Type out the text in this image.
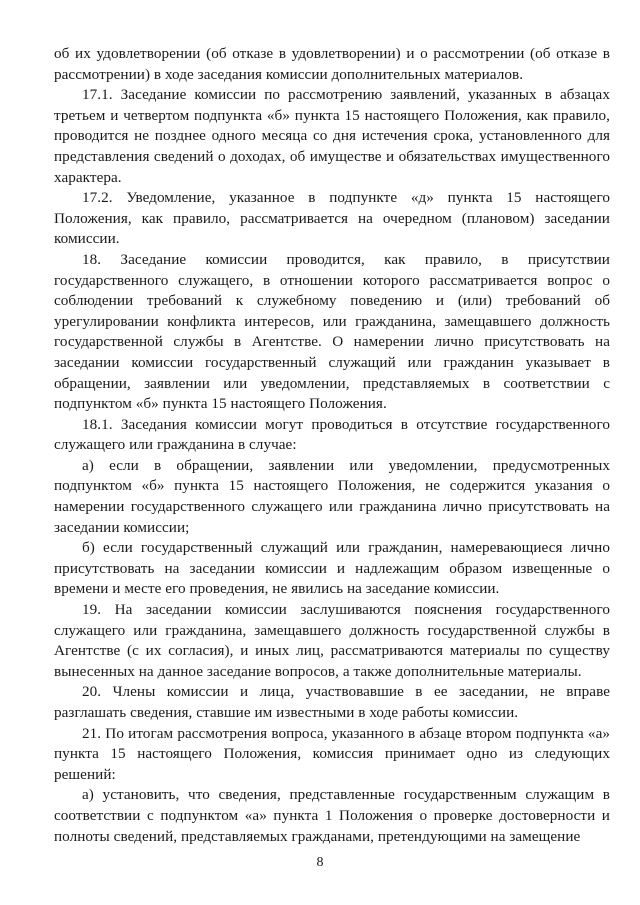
об их удовлетворении (об отказе в удовлетворении) и о рассмотрении (об отказе в рассмотрении) в ходе заседания комиссии дополнительных материалов.

17.1. Заседание комиссии по рассмотрению заявлений, указанных в абзацах третьем и четвертом подпункта «б» пункта 15 настоящего Положения, как правило, проводится не позднее одного месяца со дня истечения срока, установленного для представления сведений о доходах, об имуществе и обязательствах имущественного характера.

17.2. Уведомление, указанное в подпункте «д» пункта 15 настоящего Положения, как правило, рассматривается на очередном (плановом) заседании комиссии.

18. Заседание комиссии проводится, как правило, в присутствии государственного служащего, в отношении которого рассматривается вопрос о соблюдении требований к служебному поведению и (или) требований об урегулировании конфликта интересов, или гражданина, замещавшего должность государственной службы в Агентстве. О намерении лично присутствовать на заседании комиссии государственный служащий или гражданин указывает в обращении, заявлении или уведомлении, представляемых в соответствии с подпунктом «б» пункта 15 настоящего Положения.

18.1. Заседания комиссии могут проводиться в отсутствие государственного служащего или гражданина в случае:

а) если в обращении, заявлении или уведомлении, предусмотренных подпунктом «б» пункта 15 настоящего Положения, не содержится указания о намерении государственного служащего или гражданина лично присутствовать на заседании комиссии;

б) если государственный служащий или гражданин, намеревающиеся лично присутствовать на заседании комиссии и надлежащим образом извещенные о времени и месте его проведения, не явились на заседание комиссии.

19. На заседании комиссии заслушиваются пояснения государственного служащего или гражданина, замещавшего должность государственной службы в Агентстве (с их согласия), и иных лиц, рассматриваются материалы по существу вынесенных на данное заседание вопросов, а также дополнительные материалы.

20. Члены комиссии и лица, участвовавшие в ее заседании, не вправе разглашать сведения, ставшие им известными в ходе работы комиссии.

21. По итогам рассмотрения вопроса, указанного в абзаце втором подпункта «а» пункта 15 настоящего Положения, комиссия принимает одно из следующих решений:

а) установить, что сведения, представленные государственным служащим в соответствии с подпунктом «а» пункта 1 Положения о проверке достоверности и полноты сведений, представляемых гражданами, претендующими на замещение

8
